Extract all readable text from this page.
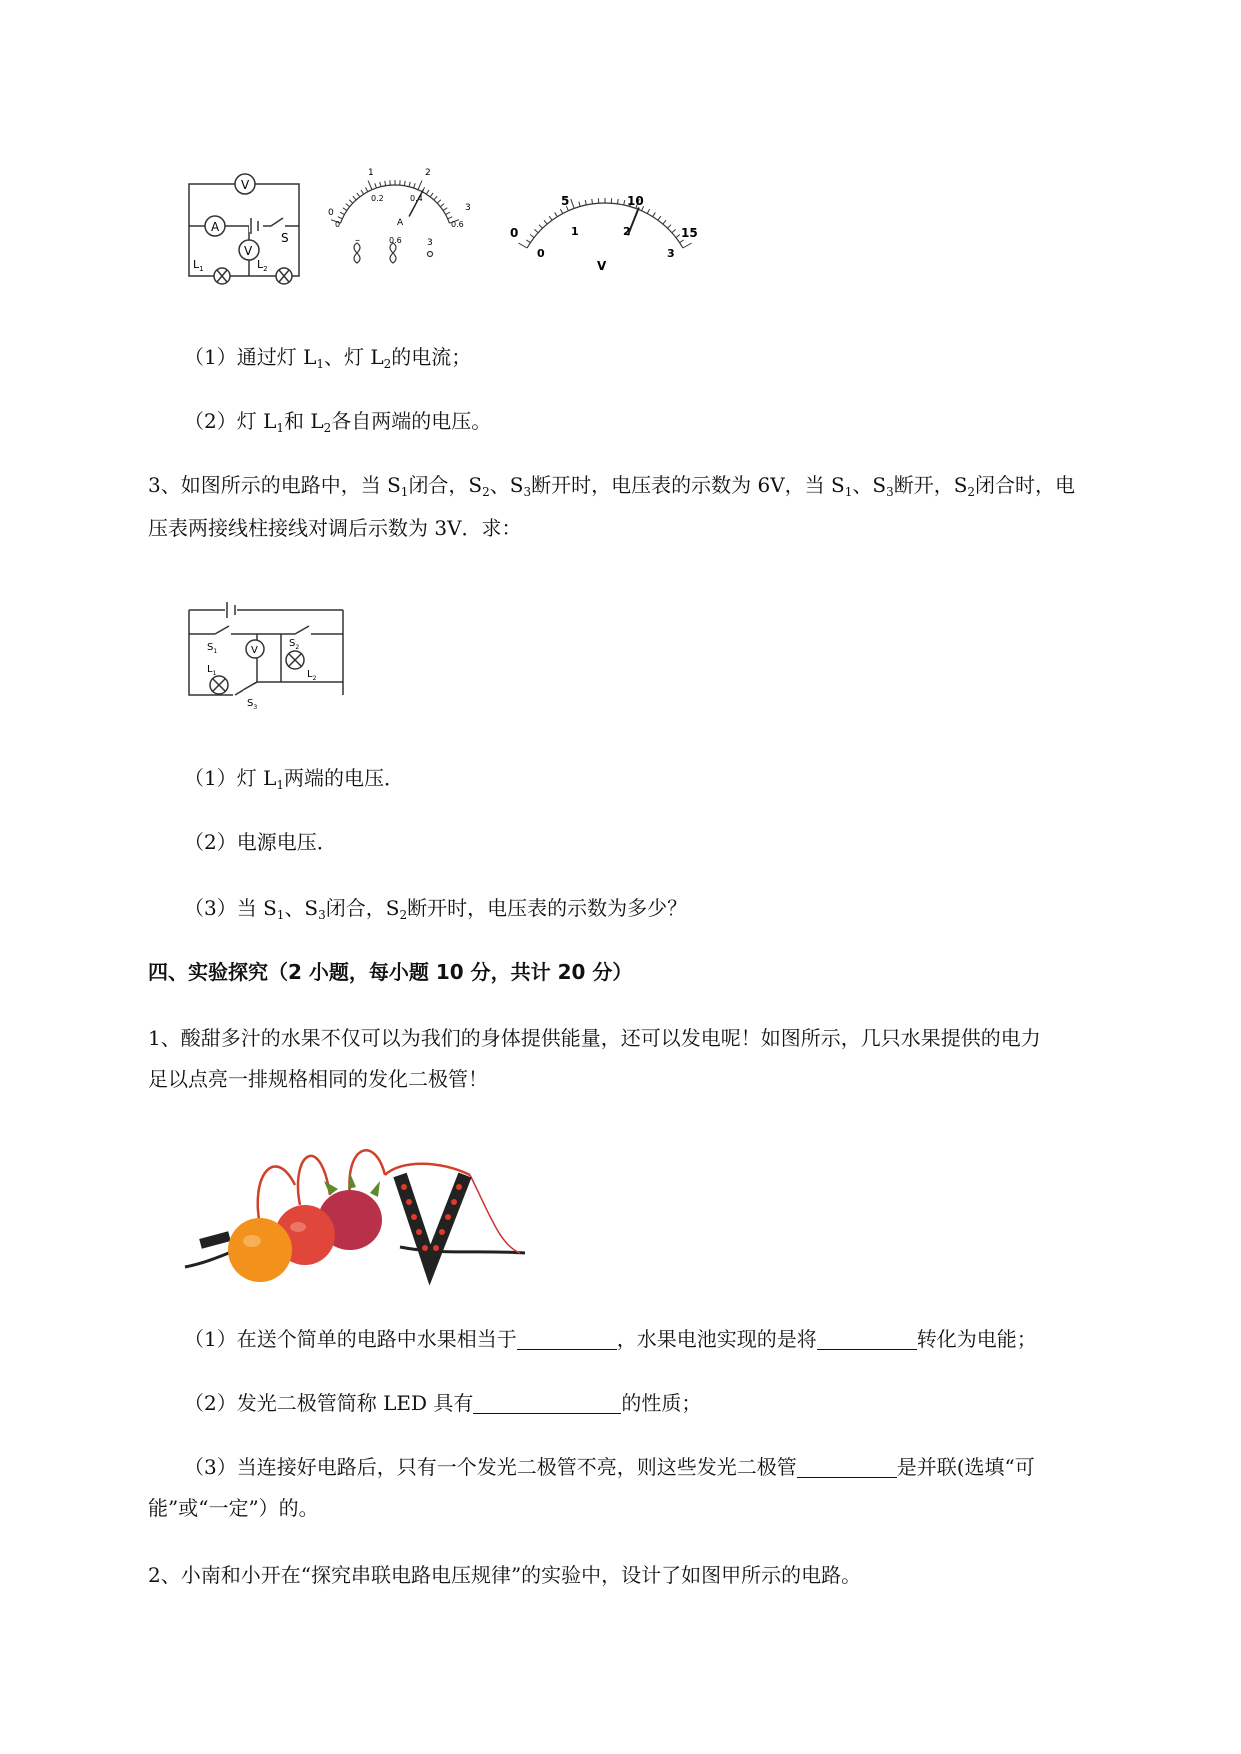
V
A
V
S
$L_1$	$L_2$
0
1	2
3
0
0.2	0.4
0.6
A
–	0.6	3
0
5	10
15
0
1	2
3
V
（1）通过灯 $L_1$、灯 $L_2$的电流；
（2）灯 $L_1$和 $L_2$各自两端的电压。
3、如图所示的电路中，当 $S_1$闭合，$S_2$、$S_3$断开时，电压表的示数为 6V，当 $S_1$、$S_3$断开，$S_2$闭合时，电
压表两接线柱接线对调后示数为 3V．求：
V
$S_1$
$S_2$
$S_3$
$L_1$	$L_2$
（1）灯 $L_1$两端的电压．
（2）电源电压．
（3）当 $S_1$、$S_3$闭合，$S_2$断开时，电压表的示数为多少？
四、实验探究（2 小题，每小题 10 分，共计 20 分）
1、酸甜多汁的水果不仅可以为我们的身体提供能量，还可以发电呢！如图所示，几只水果提供的电力
足以点亮一排规格相同的发化二极管！
（1）在送个简单的电路中水果相当于	，水果电池实现的是将	转化为电能；
（2）发光二极管简称 LED 具有	的性质；
（3）当连接好电路后，只有一个发光二极管不亮，则这些发光二极管	是并联(选填“可
能”或“一定”）的。
2、小南和小开在“探究串联电路电压规律”的实验中，设计了如图甲所示的电路。
